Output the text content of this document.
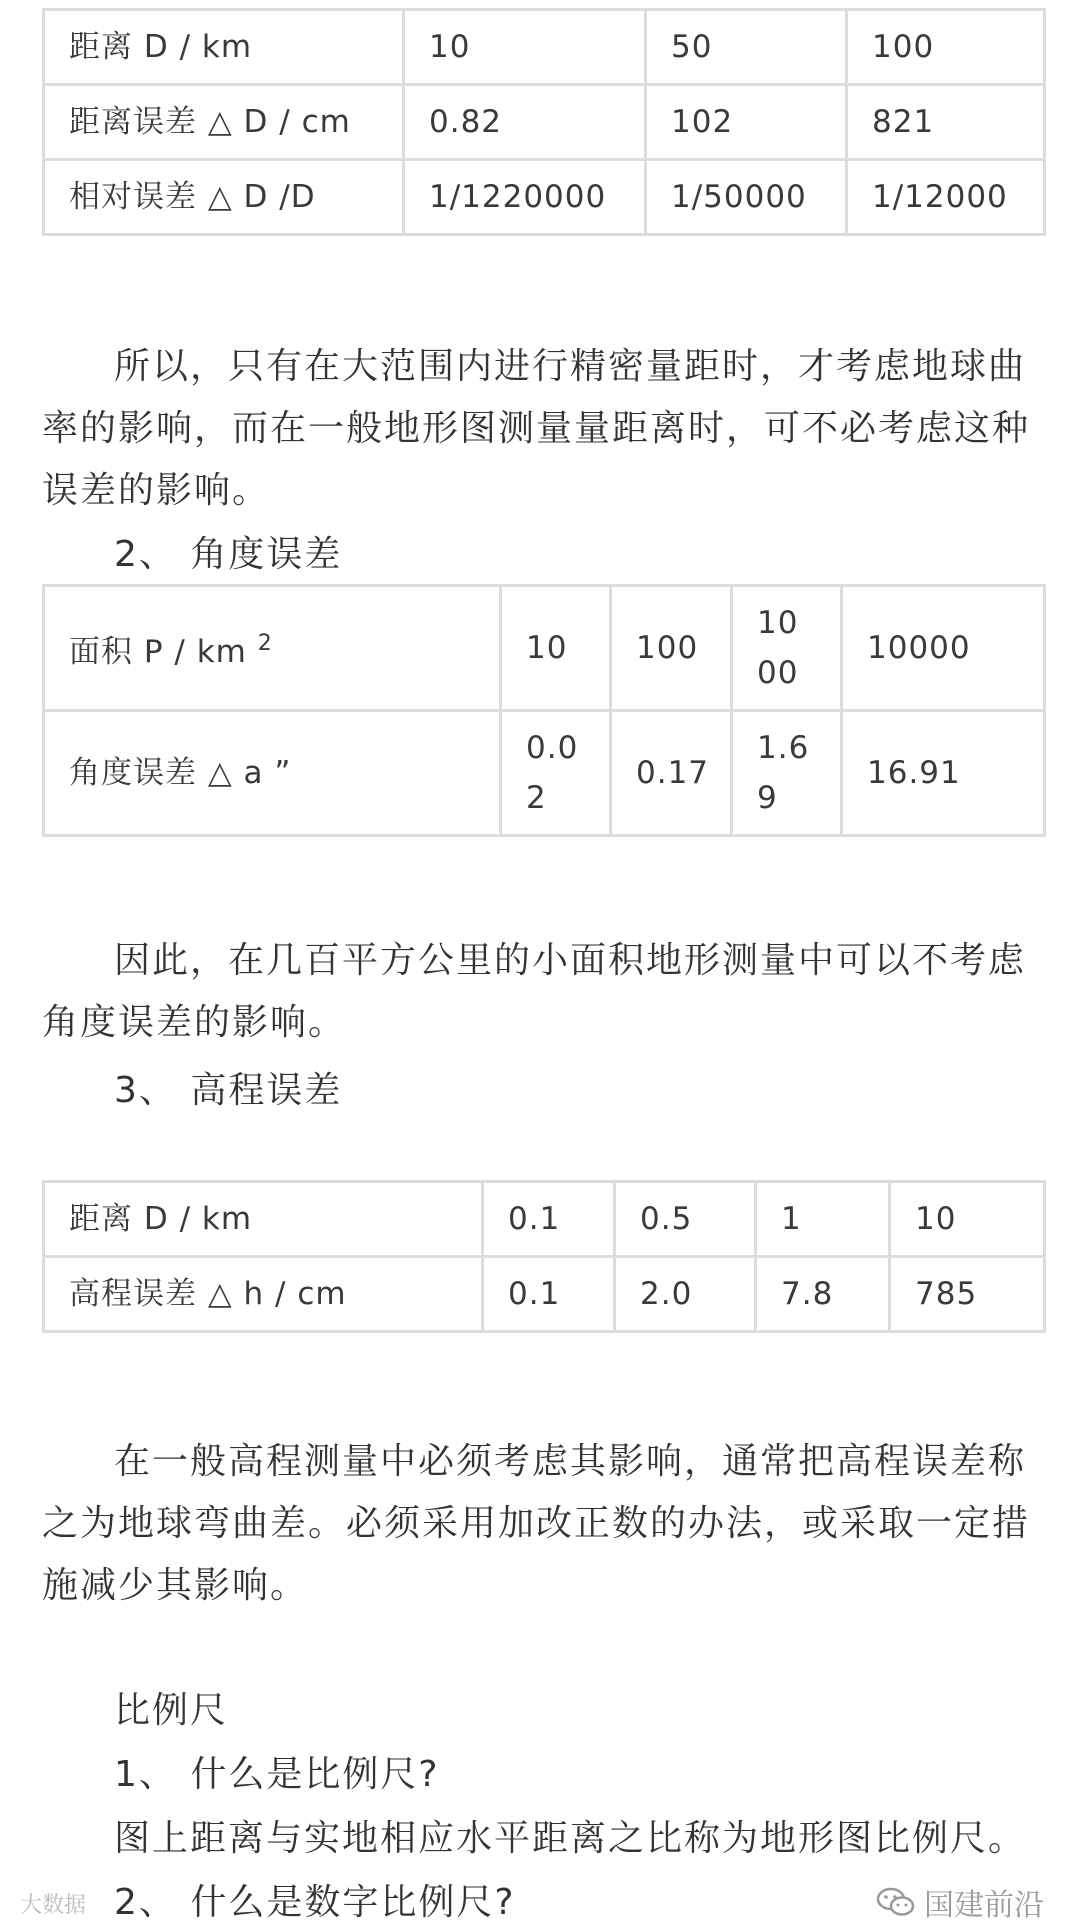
距离 D / km	10	50	100
距离误差 △ D / cm	0.82	102	821
相对误差 △ D /D	1/1220000	1/50000	1/12000

所以，只有在大范围内进行精密量距时，才考虑地球曲率的影响，而在一般地形图测量量距离时，可不必考虑这种误差的影响。

2、 角度误差

面积 P / km $^2$	10	100	1000	10000
角度误差 △ a ”	0.02	0.17	1.69	16.91

因此，在几百平方公里的小面积地形测量中可以不考虑角度误差的影响。

3、 高程误差

距离 D / km	0.1	0.5	1	10
高程误差 △ h / cm	0.1	2.0	7.8	785

在一般高程测量中必须考虑其影响，通常把高程误差称之为地球弯曲差。必须采用加改正数的办法，或采取一定措施减少其影响。

比例尺

1、 什么是比例尺?

图上距离与实地相应水平距离之比称为地形图比例尺。

2、 什么是数字比例尺?

大数据	国建前沿
